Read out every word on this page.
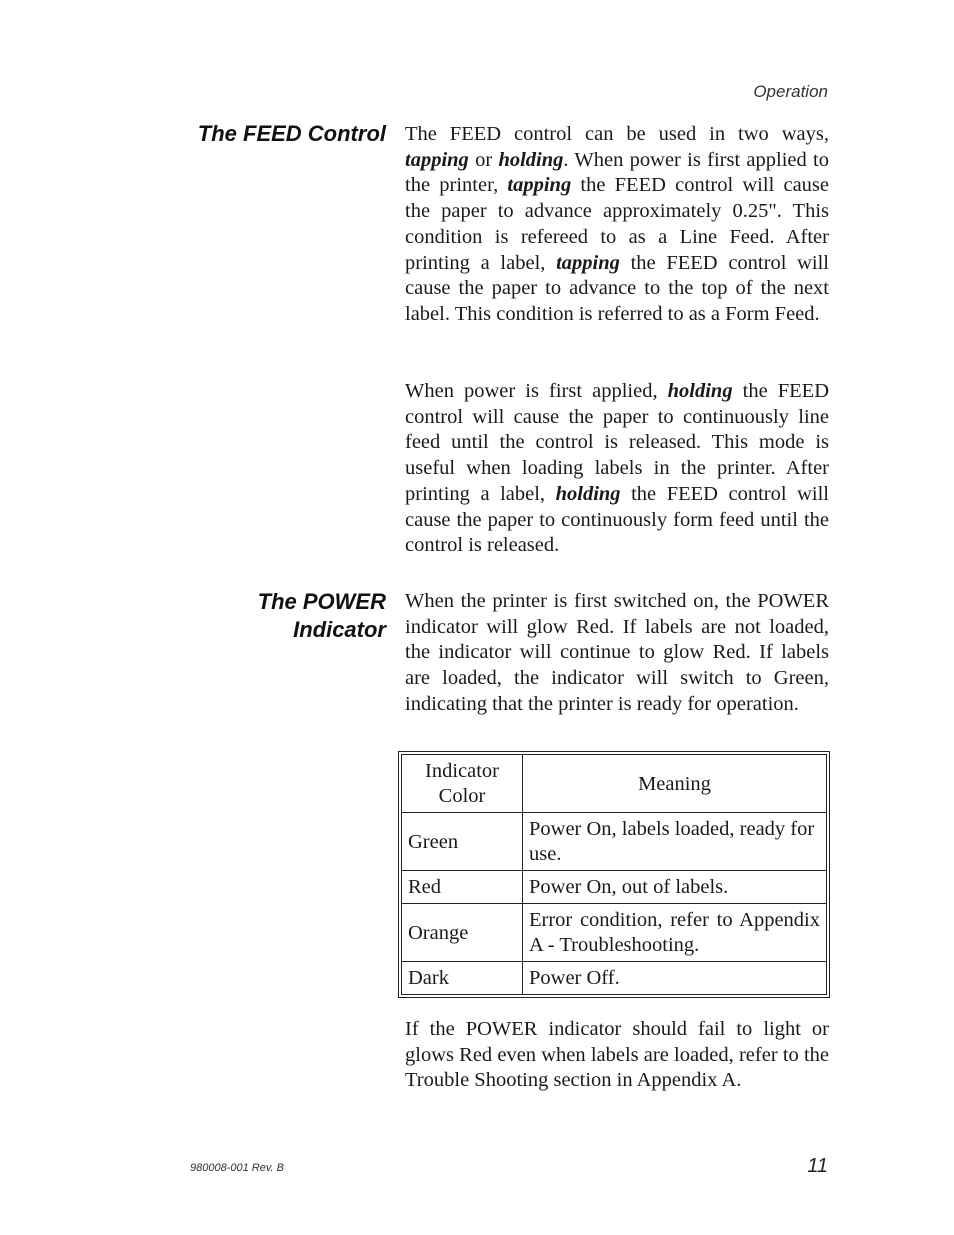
Operation
The FEED Control The FEED control can be used in two ways, tapping or holding. When power is first applied to the printer, tapping the FEED control will cause the paper to advance approximately 0.25". This condition is refereed to as a Line Feed. After printing a label, tapping the FEED control will cause the paper to advance to the top of the next label. This condition is referred to as a Form Feed.

When power is first applied, holding the FEED control will cause the paper to continuously line feed until the control is released. This mode is useful when loading labels in the printer. After printing a label, holding the FEED control will cause the paper to continuously form feed until the control is released.

The POWER
Indicator

When the printer is first switched on, the POWER indicator will glow Red. If labels are not loaded, the indicator will continue to glow Red. If labels are loaded, the indicator will switch to Green, indicating that the printer is ready for operation.

Indicator Color	Meaning
Green	Power On, labels loaded, ready for use.
Red	Power On, out of labels.
Orange	Error condition, refer to Appendix A - Troubleshooting.
Dark	Power Off.

If the POWER indicator should fail to light or glows Red even when labels are loaded, refer to the Trouble Shooting section in Appendix A.

980008-001 Rev. B	11
